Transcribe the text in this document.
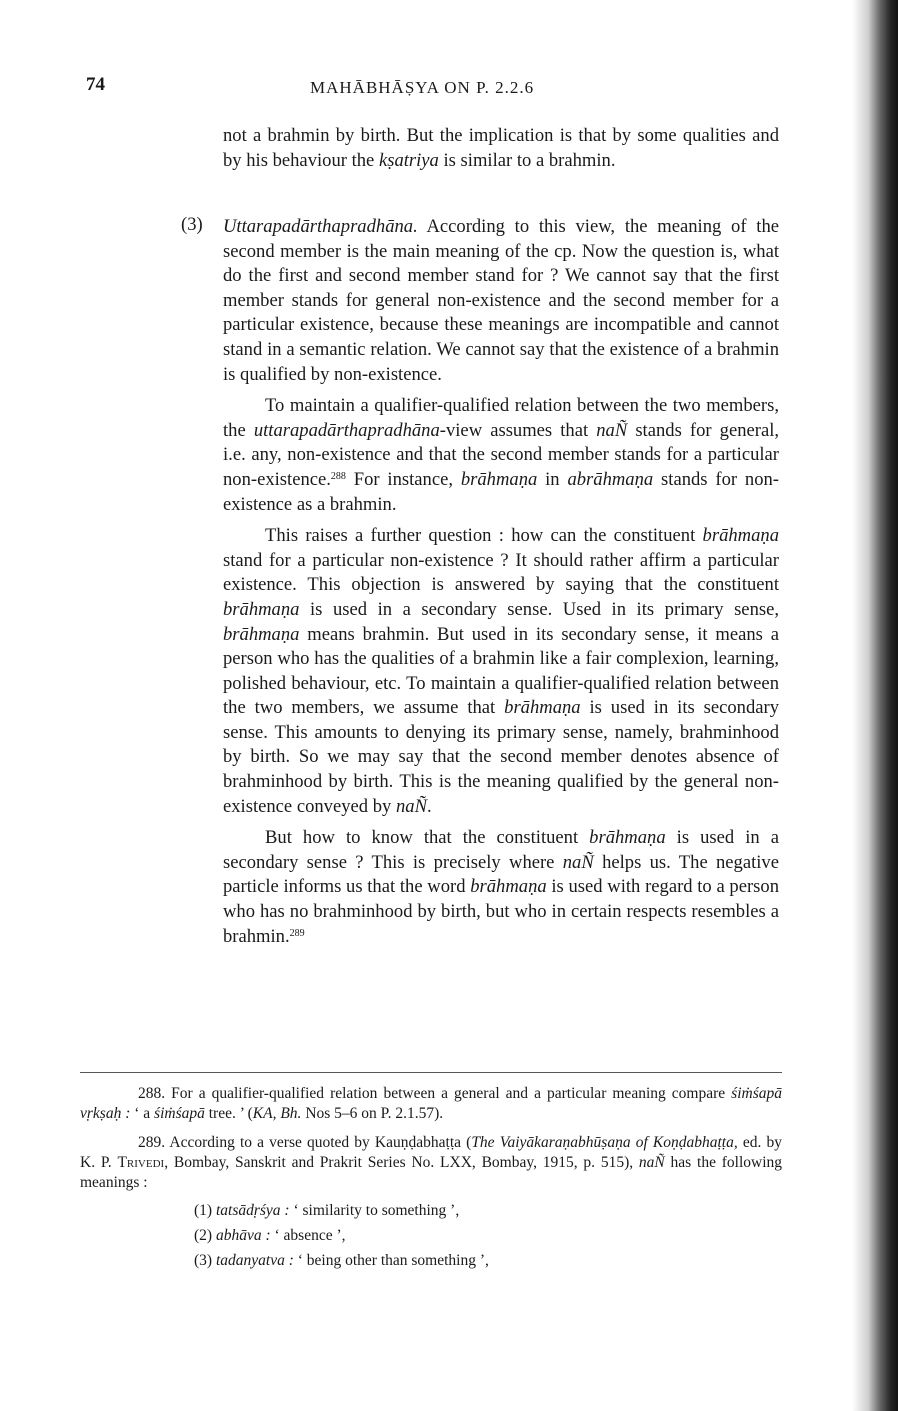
74	MAHĀBHĀṢYA ON P. 2.2.6

not a brahmin by birth. But the implication is that by some qualities and by his behaviour the kṣatriya is similar to a brahmin.

(3) Uttarapadārthapradhāna. According to this view, the meaning of the second member is the main meaning of the cp. Now the question is, what do the first and second member stand for ? We cannot say that the first member stands for general non-existence and the second member for a particular existence, because these meanings are incompatible and cannot stand in a semantic relation. We cannot say that the existence of a brahmin is qualified by non-existence.

To maintain a qualifier-qualified relation between the two members, the uttarapadārthapradhāna-view assumes that naÑ stands for general, i.e. any, non-existence and that the second member stands for a particular non-existence.$^{288}$ For instance, brāhmaṇa in abrāhmaṇa stands for non-existence as a brahmin.

This raises a further question : how can the constituent brāhmaṇa stand for a particular non-existence ? It should rather affirm a particular existence. This objection is answered by saying that the constituent brāhmaṇa is used in a secondary sense. Used in its primary sense, brāhmaṇa means brahmin. But used in its secondary sense, it means a person who has the qualities of a brahmin like a fair complexion, learning, polished behaviour, etc. To maintain a qualifier-qualified relation between the two members, we assume that brāhmaṇa is used in its secondary sense. This amounts to denying its primary sense, namely, brahminhood by birth. So we may say that the second member denotes absence of brahminhood by birth. This is the meaning qualified by the general non-existence conveyed by naÑ.

But how to know that the constituent brāhmaṇa is used in a secondary sense ? This is precisely where naÑ helps us. The negative particle informs us that the word brāhmaṇa is used with regard to a person who has no brahminhood by birth, but who in certain respects resembles a brahmin.$^{289}$

288. For a qualifier-qualified relation between a general and a particular meaning compare śiṁśapā vṛkṣaḥ : ‘ a śiṁśapā tree. ’ (KA, Bh. Nos 5–6 on P. 2.1.57).

289. According to a verse quoted by Kauṇḍabhaṭṭa (The Vaiyākaraṇabhūṣaṇa of Koṇḍabhaṭṭa, ed. by K. P. Trivedi, Bombay, Sanskrit and Prakrit Series No. LXX, Bombay, 1915, p. 515), naÑ has the following meanings :

(1) tatsādṛśya : ‘ similarity to something ’,
(2) abhāva : ‘ absence ’,
(3) tadanyatva : ‘ being other than something ’,
